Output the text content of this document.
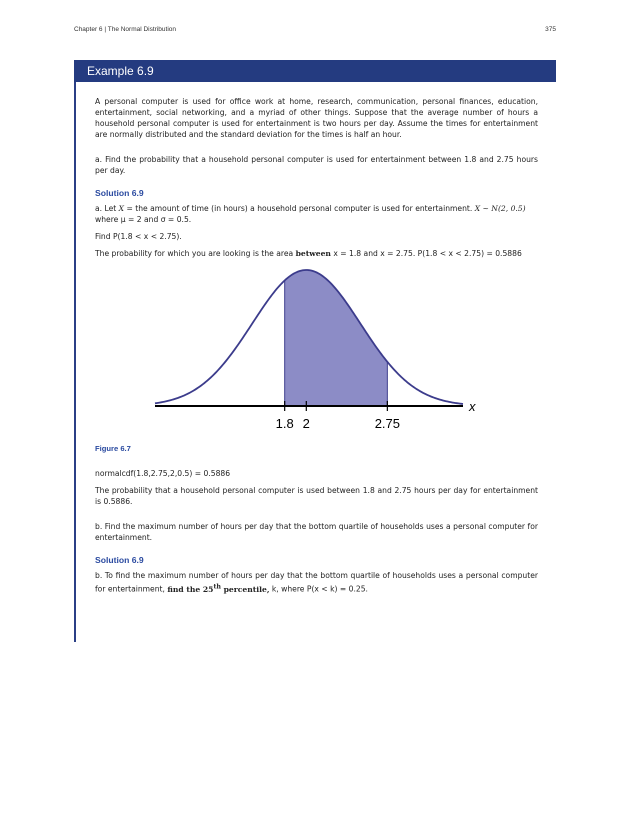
Chapter 6 | The Normal Distribution	375
Example 6.9

A personal computer is used for office work at home, research, communication, personal finances, education, entertainment, social networking, and a myriad of other things. Suppose that the average number of hours a household personal computer is used for entertainment is two hours per day. Assume the times for entertainment are normally distributed and the standard deviation for the times is half an hour.

a. Find the probability that a household personal computer is used for entertainment between 1.8 and 2.75 hours per day.

Solution 6.9

a. Let X = the amount of time (in hours) a household personal computer is used for entertainment. X ~ N(2, 0.5)
where μ = 2 and σ = 0.5.

Find P(1.8 < x < 2.75).

The probability for which you are looking is the area between x = 1.8 and x = 2.75. P(1.8 < x < 2.75) = 0.5886

1.8 2	2.75
x

Figure 6.7

normalcdf(1.8,2.75,2,0.5) = 0.5886

The probability that a household personal computer is used between 1.8 and 2.75 hours per day for entertainment is 0.5886.

b. Find the maximum number of hours per day that the bottom quartile of households uses a personal computer for entertainment.

Solution 6.9

b. To find the maximum number of hours per day that the bottom quartile of households uses a personal computer for entertainment, find the 25th percentile, k, where P(x < k) = 0.25.
